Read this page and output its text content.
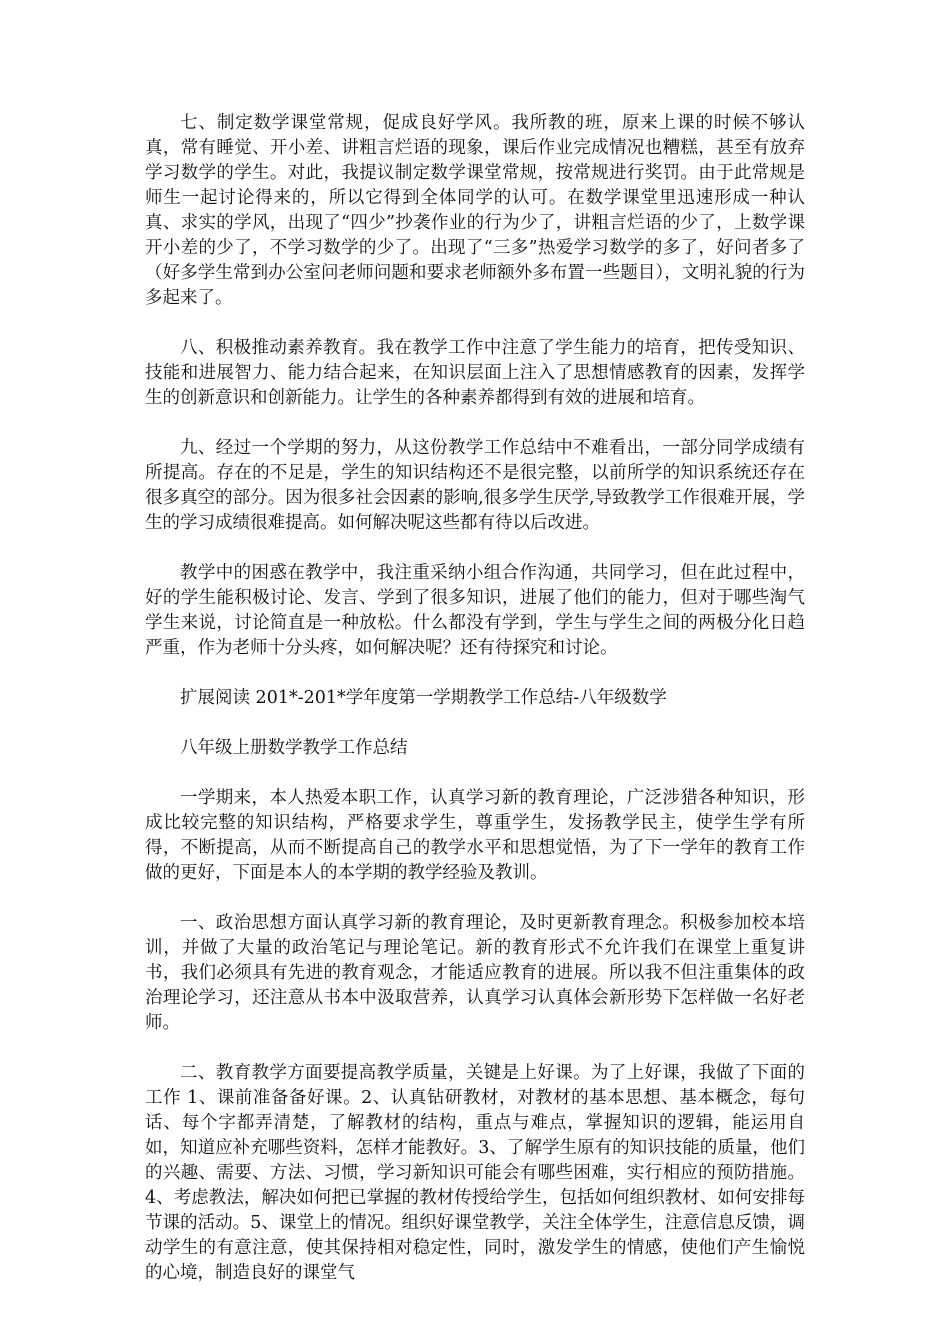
七、制定数学课堂常规，促成良好学风。我所教的班，原来上课的时候不够认真，常有睡觉、开小差、讲粗言烂语的现象，课后作业完成情况也糟糕，甚至有放弃学习数学的学生。对此，我提议制定数学课堂常规，按常规进行奖罚。由于此常规是师生一起讨论得来的，所以它得到全体同学的认可。在数学课堂里迅速形成一种认真、求实的学风，出现了“四少”抄袭作业的行为少了，讲粗言烂语的少了，上数学课开小差的少了，不学习数学的少了。出现了“三多”热爱学习数学的多了，好问者多了（好多学生常到办公室问老师问题和要求老师额外多布置一些题目），文明礼貌的行为多起来了。

八、积极推动素养教育。我在教学工作中注意了学生能力的培育，把传受知识、技能和进展智力、能力结合起来，在知识层面上注入了思想情感教育的因素，发挥学生的创新意识和创新能力。让学生的各种素养都得到有效的进展和培育。

九、经过一个学期的努力，从这份教学工作总结中不难看出，一部分同学成绩有所提高。存在的不足是，学生的知识结构还不是很完整，以前所学的知识系统还存在很多真空的部分。因为很多社会因素的影响,很多学生厌学,导致教学工作很难开展，学生的学习成绩很难提高。如何解决呢这些都有待以后改进。

教学中的困惑在教学中，我注重采纳小组合作沟通，共同学习，但在此过程中，好的学生能积极讨论、发言、学到了很多知识，进展了他们的能力，但对于哪些淘气学生来说，讨论简直是一种放松。什么都没有学到，学生与学生之间的两极分化日趋严重，作为老师十分头疼，如何解决呢？还有待探究和讨论。

扩展阅读 201*-201*学年度第一学期教学工作总结-八年级数学

八年级上册数学教学工作总结

一学期来，本人热爱本职工作，认真学习新的教育理论，广泛涉猎各种知识，形成比较完整的知识结构，严格要求学生，尊重学生，发扬教学民主，使学生学有所得，不断提高，从而不断提高自己的教学水平和思想觉悟，为了下一学年的教育工作做的更好，下面是本人的本学期的教学经验及教训。

一、政治思想方面认真学习新的教育理论，及时更新教育理念。积极参加校本培训，并做了大量的政治笔记与理论笔记。新的教育形式不允许我们在课堂上重复讲书，我们必须具有先进的教育观念，才能适应教育的进展。所以我不但注重集体的政治理论学习，还注意从书本中汲取营养，认真学习认真体会新形势下怎样做一名好老师。

二、教育教学方面要提高教学质量，关键是上好课。为了上好课，我做了下面的工作 1、课前准备备好课。2、认真钻研教材，对教材的基本思想、基本概念，每句话、每个字都弄清楚，了解教材的结构，重点与难点，掌握知识的逻辑，能运用自如，知道应补充哪些资料，怎样才能教好。3、了解学生原有的知识技能的质量，他们的兴趣、需要、方法、习惯，学习新知识可能会有哪些困难，实行相应的预防措施。4、考虑教法，解决如何把已掌握的教材传授给学生，包括如何组织教材、如何安排每节课的活动。5、课堂上的情况。组织好课堂教学，关注全体学生，注意信息反馈，调动学生的有意注意，使其保持相对稳定性，同时，激发学生的情感，使他们产生愉悦的心境，制造良好的课堂气
